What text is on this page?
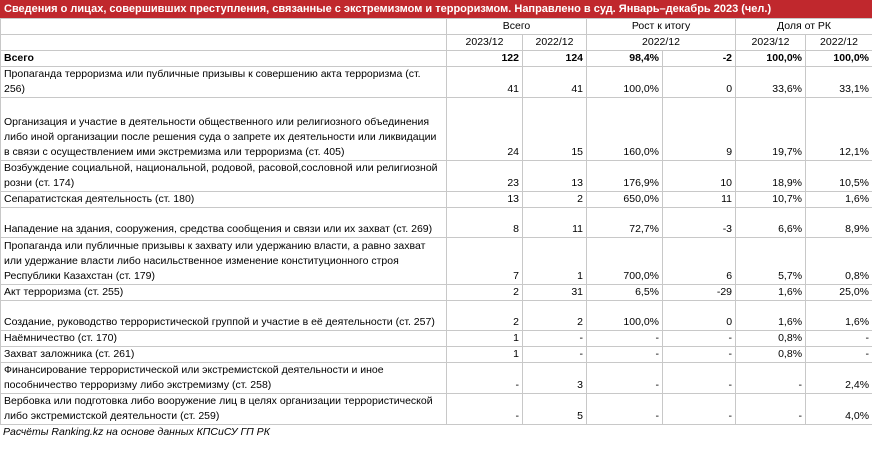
Сведения о лицах, совершивших преступления, связанные с экстремизмом и терроризмом. Направлено в суд. Январь–декабрь 2023 (чел.)
	Всего		Рост к итогу		Доля от РК	
	2023/12	2022/12	2022/12		2023/12	2022/12
Всего	122	124	98,4%	-2	100,0%	100,0%
Пропаганда терроризма или публичные призывы к совершению акта терроризма (ст. 256)	41	41	100,0%	0	33,6%	33,1%
Организация и участие в деятельности общественного или религиозного объединения либо иной организации после решения суда о запрете их деятельности или ликвидации в связи с осуществлением ими экстремизма или терроризма (ст. 405)	24	15	160,0%	9	19,7%	12,1%
Возбуждение социальной, национальной, родовой, расовой,сословной или религиозной розни (ст. 174)	23	13	176,9%	10	18,9%	10,5%
Сепаратистская деятельность (ст. 180)	13	2	650,0%	11	10,7%	1,6%
Нападение на здания, сооружения, средства сообщения и связи или их захват (ст. 269)	8	11	72,7%	-3	6,6%	8,9%
Пропаганда или публичные призывы к захвату или удержанию власти, а равно захват или удержание власти либо насильственное изменение конституционного строя Республики Казахстан (ст. 179)	7	1	700,0%	6	5,7%	0,8%
Акт терроризма (ст. 255)	2	31	6,5%	-29	1,6%	25,0%
Создание, руководство террористической группой и участие в её деятельности (ст. 257)	2	2	100,0%	0	1,6%	1,6%
Наёмничество (ст. 170)	1	-	-	-	0,8%	-
Захват заложника (ст. 261)	1	-	-	-	0,8%	-
Финансирование террористической или экстремистской деятельности и иное пособничество терроризму либо экстремизму (ст. 258)	-	3	-	-	-	2,4%
Вербовка или подготовка либо вооружение лиц в целях организации террористической либо экстремистской деятельности (ст. 259)	-	5	-	-	-	4,0%
Расчёты Ranking.kz на основе данных КПСиСУ ГП РК
